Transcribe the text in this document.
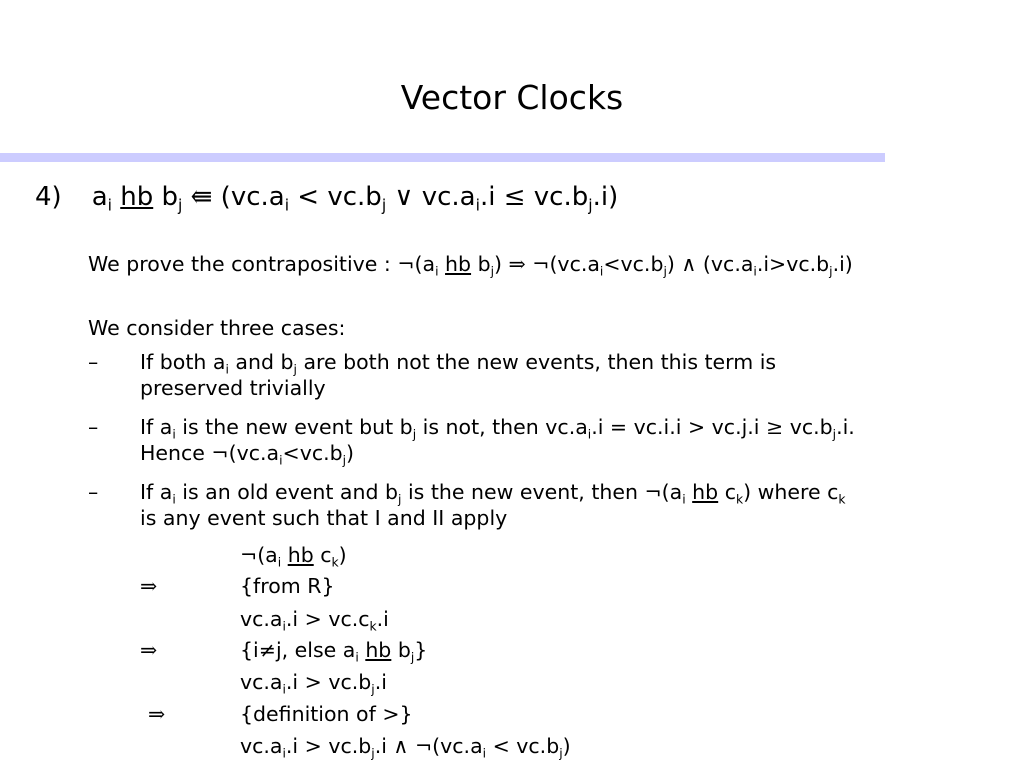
Vector Clocks
4) $a_i$ hb $b_j$ ⇚ ($vc.a_i < vc.b_j$ ∨ $vc.a_i.i \le vc.b_j.i$)
We prove the contrapositive : $\neg(a_i$ hb $b_j$) ⇒ $\neg(vc.a_i<vc.b_j)$ ∧ $(vc.a_i.i>vc.b_j.i)$
We consider three cases:
– If both $a_i$ and $b_j$ are both not the new events, then this term is
preserved trivially
– If $a_i$ is the new event but $b_j$ is not, then $vc.a_i.i = vc.i.i > vc.j.i \ge vc.b_j.i$.
Hence $\neg(vc.a_i<vc.b_j)$
– If $a_i$ is an old event and $b_j$ is the new event, then $\neg(a_i$ hb $c_k$) where $c_k$
is any event such that I and II apply
$\neg(a_i$ hb $c_k$)
⇒	{from R}
$vc.a_i.i > vc.c_k.i$
⇒	{i≠j, else $a_i$ hb $b_j$}
$vc.a_i.i > vc.b_j.i$
⇒	{definition of >}
$vc.a_i.i > vc.b_j.i$ ∧ $\neg(vc.a_i < vc.b_j)$
